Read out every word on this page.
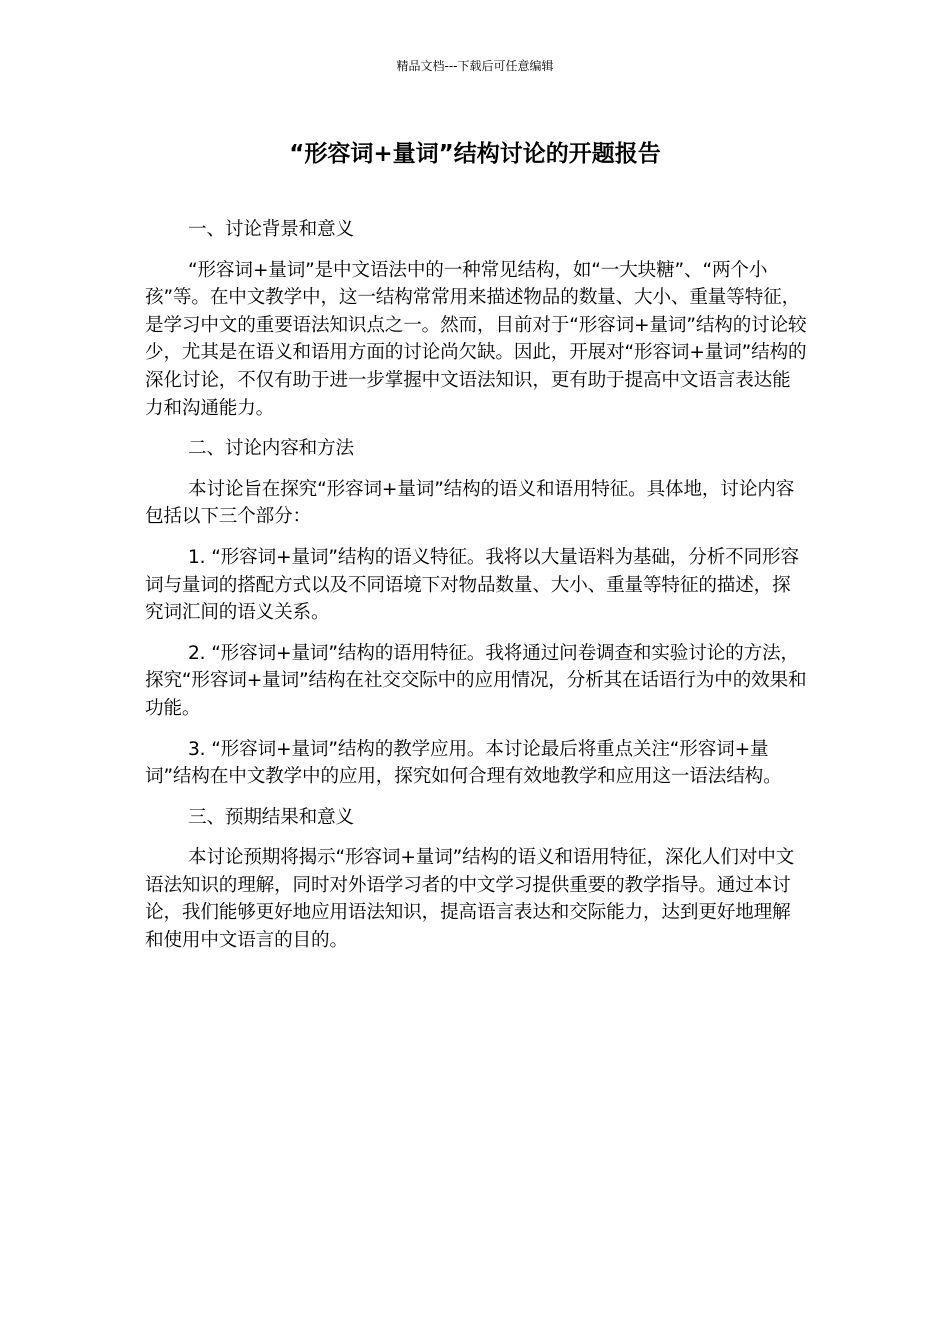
精品文档---下载后可任意编辑
“形容词+量词”结构讨论的开题报告
一、讨论背景和意义

“形容词+量词”是中文语法中的一种常见结构，如“一大块糖”、“两个小孩”等。在中文教学中，这一结构常常用来描述物品的数量、大小、重量等特征，是学习中文的重要语法知识点之一。然而，目前对于“形容词+量词”结构的讨论较少，尤其是在语义和语用方面的讨论尚欠缺。因此，开展对“形容词+量词”结构的深化讨论，不仅有助于进一步掌握中文语法知识，更有助于提高中文语言表达能力和沟通能力。

二、讨论内容和方法

本讨论旨在探究“形容词+量词”结构的语义和语用特征。具体地，讨论内容包括以下三个部分：

1. “形容词+量词”结构的语义特征。我将以大量语料为基础，分析不同形容词与量词的搭配方式以及不同语境下对物品数量、大小、重量等特征的描述，探究词汇间的语义关系。

2. “形容词+量词”结构的语用特征。我将通过问卷调查和实验讨论的方法，探究“形容词+量词”结构在社交交际中的应用情况，分析其在话语行为中的效果和功能。

3. “形容词+量词”结构的教学应用。本讨论最后将重点关注“形容词+量词”结构在中文教学中的应用，探究如何合理有效地教学和应用这一语法结构。

三、预期结果和意义

本讨论预期将揭示“形容词+量词”结构的语义和语用特征，深化人们对中文语法知识的理解，同时对外语学习者的中文学习提供重要的教学指导。通过本讨论，我们能够更好地应用语法知识，提高语言表达和交际能力，达到更好地理解和使用中文语言的目的。
